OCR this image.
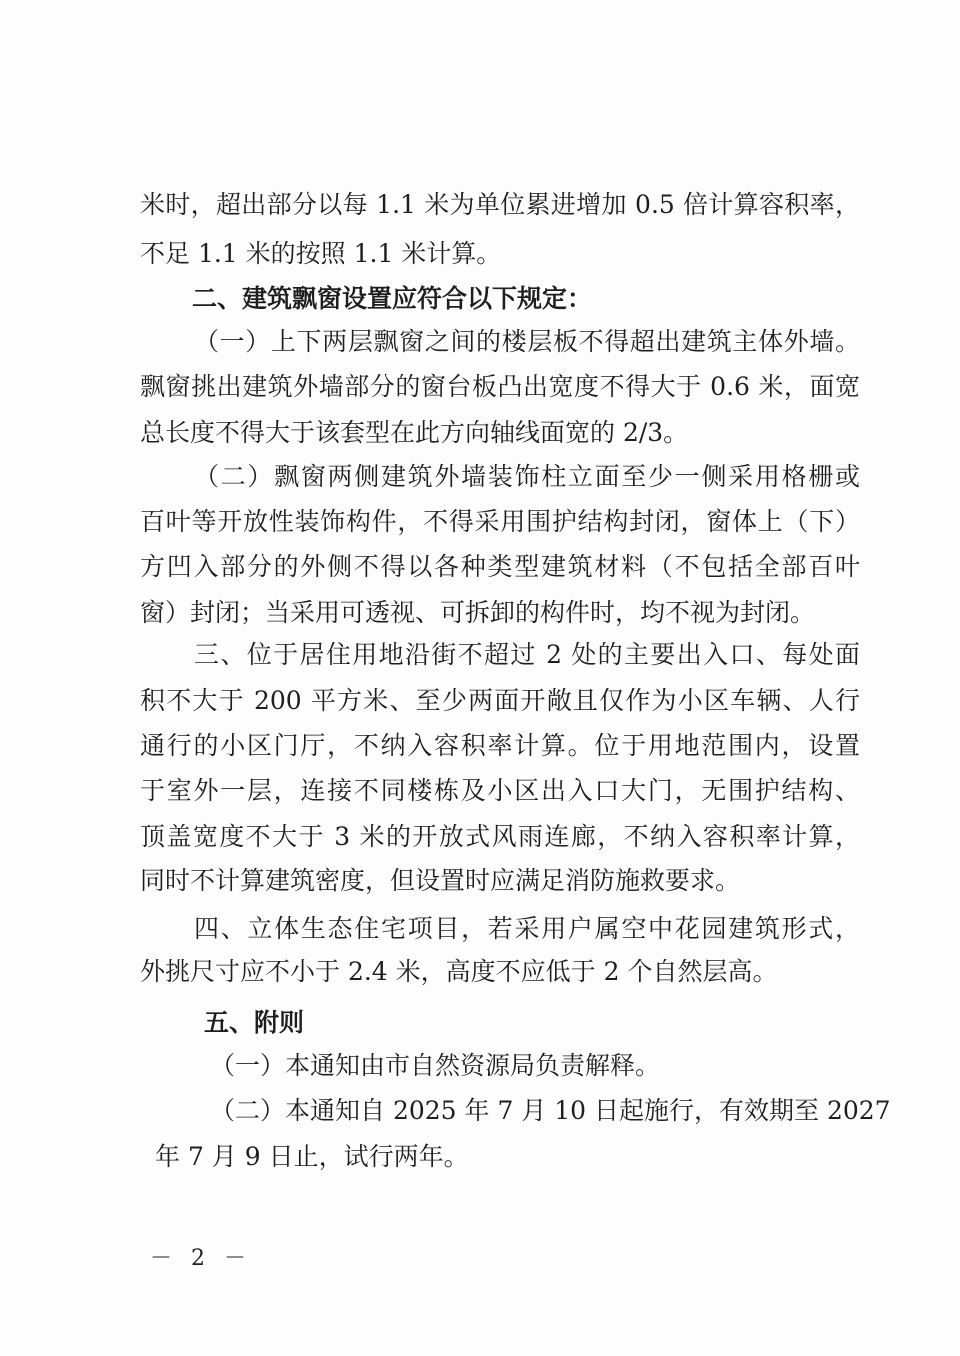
米时，超出部分以每 1.1 米为单位累进增加 0.5 倍计算容积率，
不足 1.1 米的按照 1.1 米计算。
二、建筑飘窗设置应符合以下规定：
（一）上下两层飘窗之间的楼层板不得超出建筑主体外墙。
飘窗挑出建筑外墙部分的窗台板凸出宽度不得大于 0.6 米，面宽
总长度不得大于该套型在此方向轴线面宽的 2/3。
（二）飘窗两侧建筑外墙装饰柱立面至少一侧采用格栅或
百叶等开放性装饰构件，不得采用围护结构封闭，窗体上（下）
方凹入部分的外侧不得以各种类型建筑材料（不包括全部百叶
窗）封闭；当采用可透视、可拆卸的构件时，均不视为封闭。
三、位于居住用地沿街不超过 2 处的主要出入口、每处面
积不大于 200 平方米、至少两面开敞且仅作为小区车辆、人行
通行的小区门厅，不纳入容积率计算。位于用地范围内，设置
于室外一层，连接不同楼栋及小区出入口大门，无围护结构、
顶盖宽度不大于 3 米的开放式风雨连廊，不纳入容积率计算，
同时不计算建筑密度，但设置时应满足消防施救要求。
四、立体生态住宅项目，若采用户属空中花园建筑形式，
外挑尺寸应不小于 2.4 米，高度不应低于 2 个自然层高。
五、附则
（一）本通知由市自然资源局负责解释。
（二）本通知自 2025 年 7 月 10 日起施行，有效期至 2027
年 7 月 9 日止，试行两年。
－ 2 －
